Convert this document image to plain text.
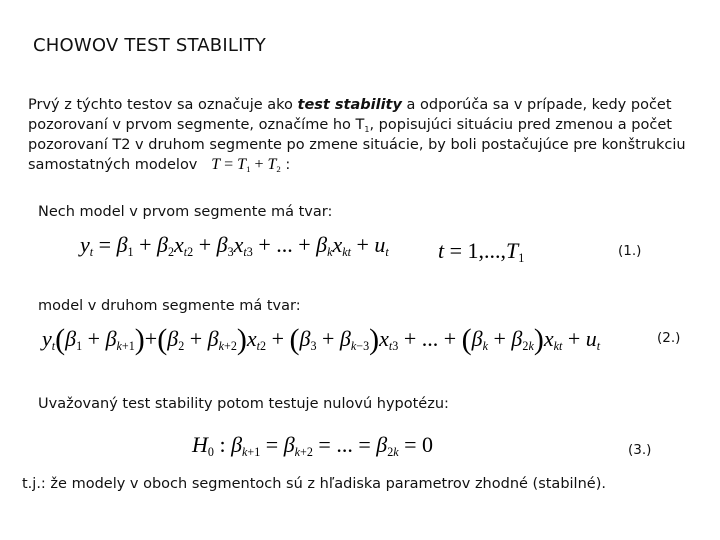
CHOWOV TEST STABILITY
Prvý z týchto testov sa označuje ako test stability a odporúča sa v prípade, kedy počet pozorovaní v prvom segmente, označíme ho $T_1$, popisujúci situáciu pred zmenou a počet pozorovaní T2 v druhom segmente po zmene situácie, by boli postačujúce pre konštrukciu samostatných modelov $T = T_1 + T_2$ :
Nech model v prvom segmente má tvar:
$y_t = \beta_1 + \beta_2x_{t2} + \beta_3x_{t3}$ + ... + $\beta_kx_{kt} + u_t$ $t = 1,...,T_1$	(1.)
model v druhom segmente má tvar:
$y_t(\beta_1 + \beta_{k+1})+(\beta_2 + \beta_{k+2})x_{t2} + (\beta_3 + \beta_{k-3})x_{t3}$ + ... + $(\beta_k + \beta_{2k})x_{kt} + u_t$
(2.)
Uvažovaný test stability potom testuje nulovú hypotézu:
$H_0$ : $\beta_{k+1} = \beta_{k+2}$ = ... = $\beta_{2k} = 0$	(3.)
t.j.: že modely v oboch segmentoch sú z hľadiska parametrov zhodné (stabilné).
